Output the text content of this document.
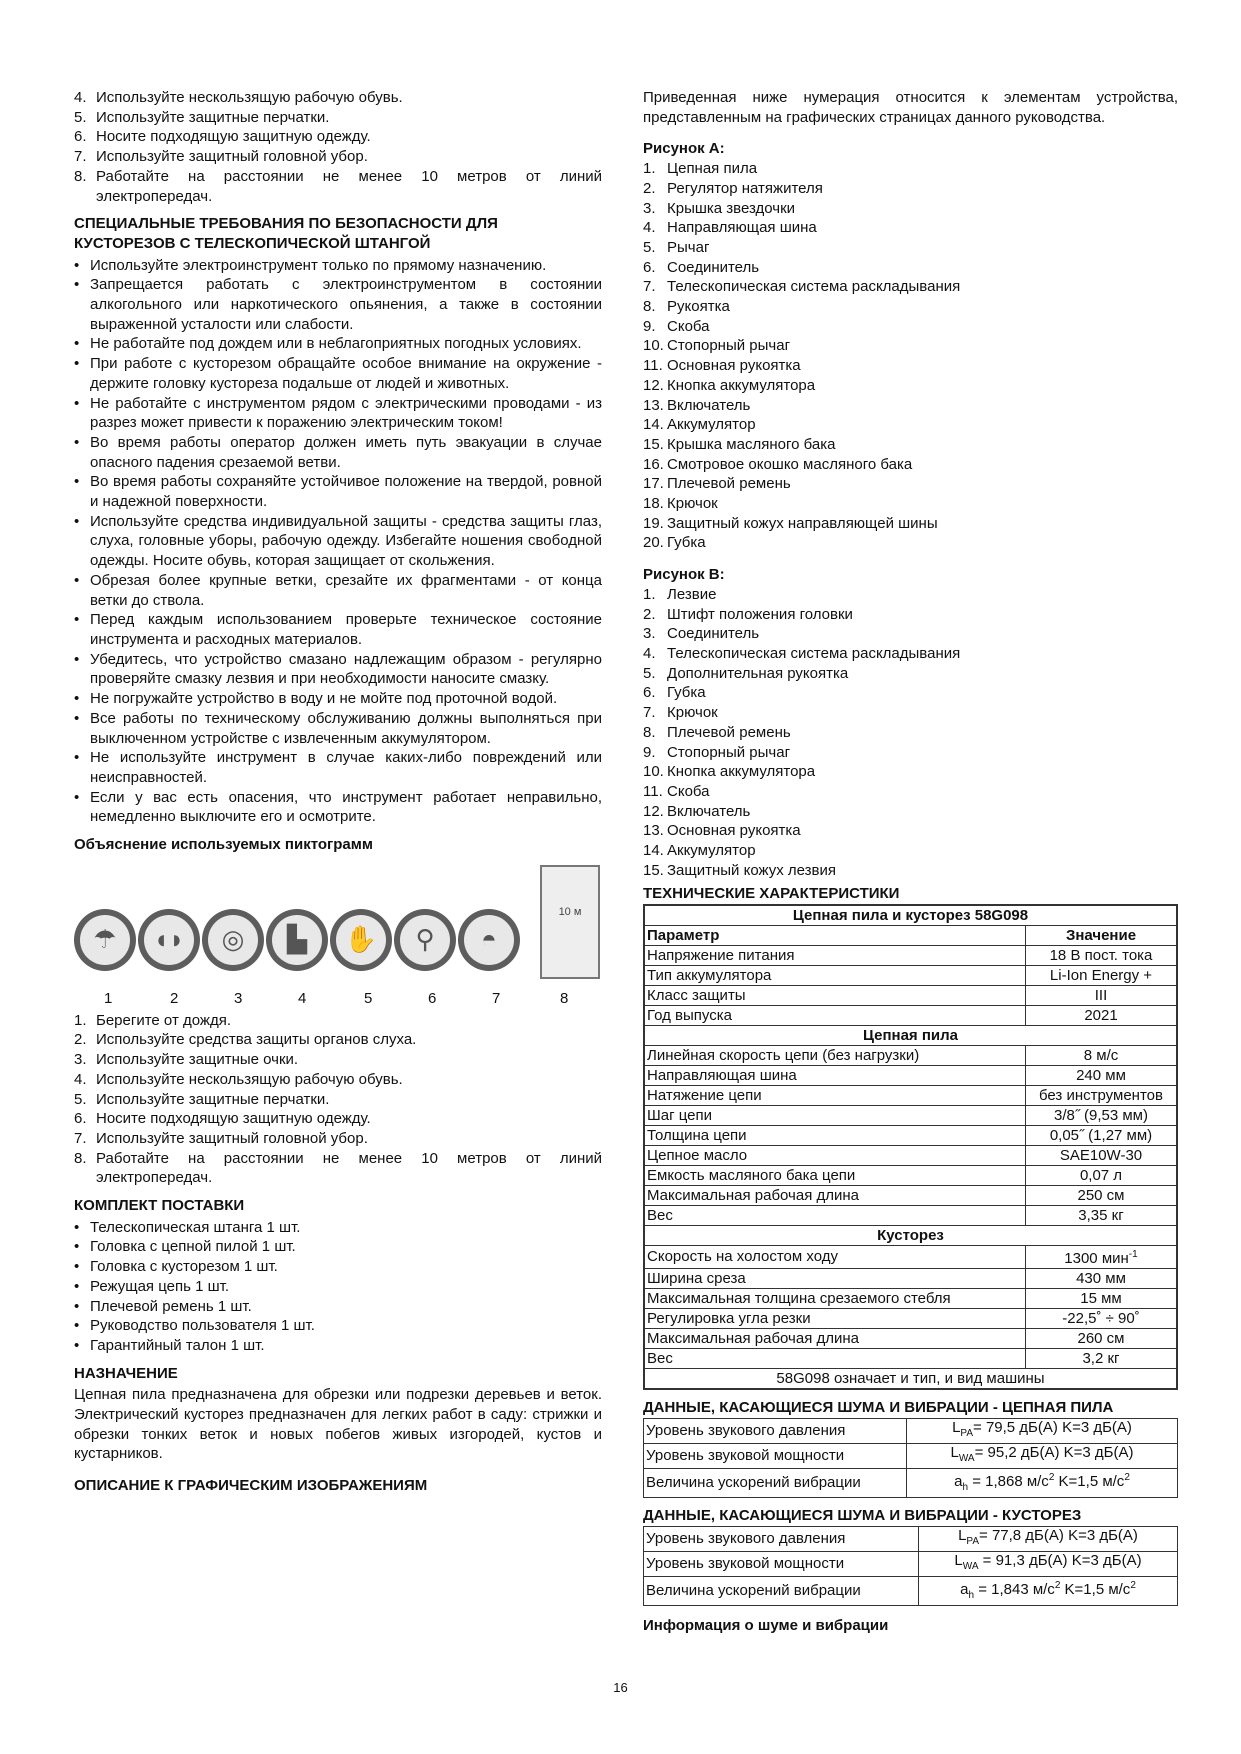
4. Используйте нескользящую рабочую обувь.
5. Используйте защитные перчатки.
6. Носите подходящую защитную одежду.
7. Используйте защитный головной убор.
8. Работайте на расстоянии не менее 10 метров от линий электропередач.
СПЕЦИАЛЬНЫЕ ТРЕБОВАНИЯ ПО БЕЗОПАСНОСТИ ДЛЯ КУСТОРЕЗОВ С ТЕЛЕСКОПИЧЕСКОЙ ШТАНГОЙ
• Используйте электроинструмент только по прямому назначению.
• Запрещается работать с электроинструментом в состоянии алкогольного или наркотического опьянения, а также в состоянии выраженной усталости или слабости.
• Не работайте под дождем или в неблагоприятных погодных условиях.
• При работе с кусторезом обращайте особое внимание на окружение - держите головку кустореза подальше от людей и животных.
• Не работайте с инструментом рядом с электрическими проводами - из разрез может привести к поражению электрическим током!
• Во время работы оператор должен иметь путь эвакуации в случае опасного падения срезаемой ветви.
• Во время работы сохраняйте устойчивое положение на твердой, ровной и надежной поверхности.
• Используйте средства индивидуальной защиты - средства защиты глаз, слуха, головные уборы, рабочую одежду. Избегайте ношения свободной одежды. Носите обувь, которая защищает от скольжения.
• Обрезая более крупные ветки, срезайте их фрагментами - от конца ветки до ствола.
• Перед каждым использованием проверьте техническое состояние инструмента и расходных материалов.
• Убедитесь, что устройство смазано надлежащим образом - регулярно проверяйте смазку лезвия и при необходимости наносите смазку.
• Не погружайте устройство в воду и не мойте под проточной водой.
• Все работы по техническому обслуживанию должны выполняться при выключенном устройстве с извлеченным аккумулятором.
• Не используйте инструмент в случае каких-либо повреждений или неисправностей.
• Если у вас есть опасения, что инструмент работает неправильно, немедленно выключите его и осмотрите.
Объяснение используемых пиктограмм
☂	◖◗	◎	▙	✋	⚲	◓
10 м
1	2	3	4	5	6	7	8
1. Берегите от дождя.
2. Используйте средства защиты органов слуха.
3. Используйте защитные очки.
4. Используйте нескользящую рабочую обувь.
5. Используйте защитные перчатки.
6. Носите подходящую защитную одежду.
7. Используйте защитный головной убор.
8. Работайте на расстоянии не менее 10 метров от линий электропередач.
КОМПЛЕКТ ПОСТАВКИ
• Телескопическая штанга 1 шт.
• Головка с цепной пилой 1 шт.
• Головка с кусторезом 1 шт.
• Режущая цепь 1 шт.
• Плечевой ремень 1 шт.
• Руководство пользователя 1 шт.
• Гарантийный талон 1 шт.
НАЗНАЧЕНИЕ
Цепная пила предназначена для обрезки или подрезки деревьев и веток. Электрический кусторез предназначен для легких работ в саду: стрижки и обрезки тонких веток и новых побегов живых изгородей, кустов и кустарников.
ОПИСАНИЕ К ГРАФИЧЕСКИМ ИЗОБРАЖЕНИЯМ
Приведенная ниже нумерация относится к элементам устройства, представленным на графических страницах данного руководства.
Рисунок A:
1. Цепная пила
2. Регулятор натяжителя
3. Крышка звездочки
4. Направляющая шина
5. Рычаг
6. Соединитель
7. Телескопическая система раскладывания
8. Рукоятка
9. Скоба
10. Стопорный рычаг
11. Основная рукоятка
12. Кнопка аккумулятора
13. Включатель
14. Аккумулятор
15. Крышка масляного бака
16. Смотровое окошко масляного бака
17. Плечевой ремень
18. Крючок
19. Защитный кожух направляющей шины
20. Губка
Рисунок B:
1. Лезвие
2. Штифт положения головки
3. Соединитель
4. Телескопическая система раскладывания
5. Дополнительная рукоятка
6. Губка
7. Крючок
8. Плечевой ремень
9. Стопорный рычаг
10. Кнопка аккумулятора
11. Скоба
12. Включатель
13. Основная рукоятка
14. Аккумулятор
15. Защитный кожух лезвия
ТЕХНИЧЕСКИЕ ХАРАКТЕРИСТИКИ
Цепная пила и кусторез 58G098	
Параметр	Значение
Напряжение питания	18 В пост. тока
Тип аккумулятора	Li-Ion Energy +
Класс защиты	III
Год выпуска	2021
Цепная пила	
Линейная скорость цепи (без нагрузки)	8 м/с
Направляющая шина	240 мм
Натяжение цепи	без инструментов
Шаг цепи	3/8˝ (9,53 мм)
Толщина цепи	0,05˝ (1,27 мм)
Цепное масло	SAE10W-30
Емкость масляного бака цепи	0,07 л
Максимальная рабочая длина	250 см
Вес	3,35 кг
Кусторез	
Скорость на холостом ходу	1300 мин$^{-1}$
Ширина среза	430 мм
Максимальная толщина срезаемого стебля	15 мм
Регулировка угла резки	-22,5˚ ÷ 90˚
Максимальная рабочая длина	260 см
Вес	3,2 кг
58G098 означает и тип, и вид машины	
ДАННЫЕ, КАСАЮЩИЕСЯ ШУМА И ВИБРАЦИИ - ЦЕПНАЯ ПИЛА
Уровень звукового давления	$L_{PA}= 79,5$ дБ(A) K=3 дБ(A)
Уровень звуковой мощности	$L_{WA}= 95,2$ дБ(A) K=3 дБ(A)
Величина ускорений вибрации	$a_h = 1,868$ $м/с^2$ K=1,5 $м/с^2$
ДАННЫЕ, КАСАЮЩИЕСЯ ШУМА И ВИБРАЦИИ - КУСТОРЕЗ
Уровень звукового давления	$L_{PA}= 77,8$ дБ(A) K=3 дБ(A)
Уровень звуковой мощности	$L_{WA} = 91,3$ дБ(A) K=3 дБ(A)
Величина ускорений вибрации	$a_h = 1,843$ $м/с^2$ K=1,5 $м/с^2$
Информация о шуме и вибрации
16
